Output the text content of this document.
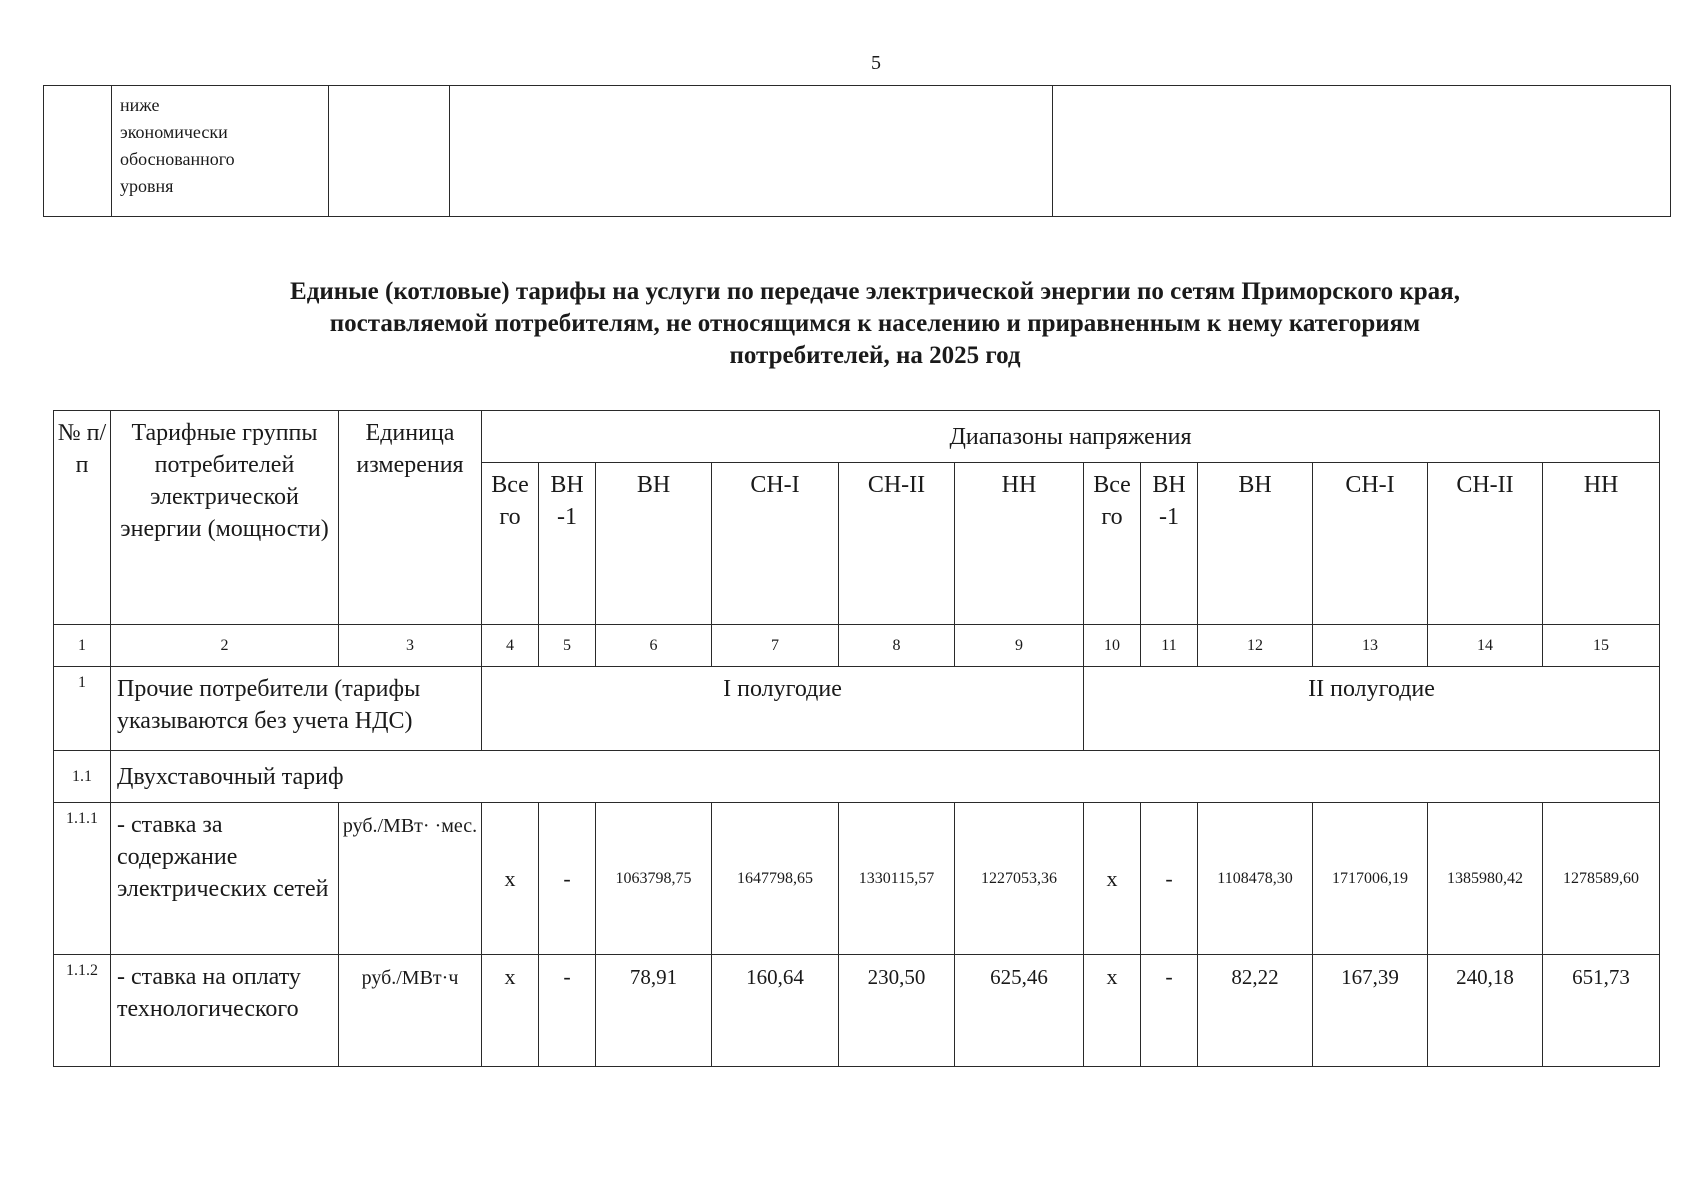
5

ниже
экономически
обоснованного
уровня

Единые (котловые) тарифы на услуги по передаче электрической энергии по сетям Приморского края,
поставляемой потребителям, не относящимся к населению и приравненным к нему категориям
потребителей, на 2025 год
№ п/п	Тарифные группы потребителей электрической энергии (мощности)	Единица измерения	Диапазоны напряжения											
			Все го	ВН -1	ВН	СН-I	СН-II	НН	Все го	ВН -1	ВН	СН-I	СН-II	НН
1	2	3	4	5	6	7	8	9	10	11	12	13	14	15
1	Прочие потребители (тарифы указываются без учета НДС)		I полугодие						II полугодие					
1.1	Двухставочный тариф													
1.1.1	- ставка за содержание электрических сетей	руб./МВт· ·мес.	x	-	1063798,75	1647798,65	1330115,57	1227053,36	x	-	1108478,30	1717006,19	1385980,42	1278589,60
1.1.2	- ставка на оплату технологического	руб./МВт·ч	x	-	78,91	160,64	230,50	625,46	x	-	82,22	167,39	240,18	651,73
